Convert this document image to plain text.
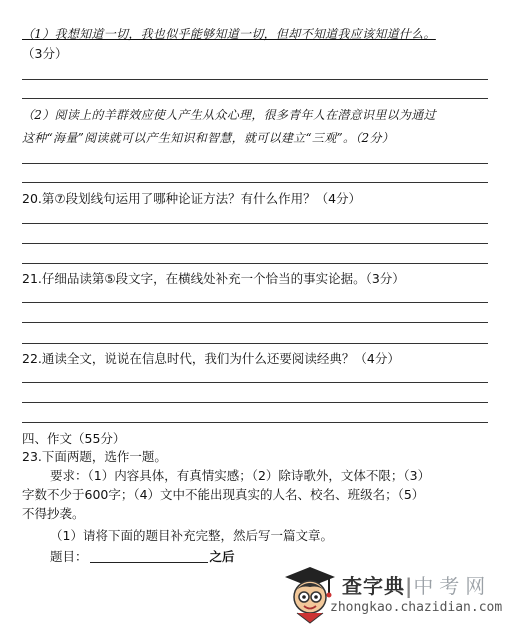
（1）我想知道一切，我也似乎能够知道一切，但却不知道我应该知道什么。
（3分）
（2）阅读上的羊群效应使人产生从众心理，很多青年人在潜意识里以为通过
这种“海量”阅读就可以产生知识和智慧，就可以建立“三观”。（2分）
20.第⑦段划线句运用了哪种论证方法？有什么作用？（4分）
21.仔细品读第⑤段文字，在横线处补充一个恰当的事实论据。（3分）
22.通读全文，说说在信息时代，我们为什么还要阅读经典？（4分）
四、作文（55分）
23.下面两题，选作一题。
要求：（1）内容具体，有真情实感；（2）除诗歌外，文体不限；（3）
字数不少于600字；（4）文中不能出现真实的人名、校名、班级名；（5）
不得抄袭。
（1）请将下面的题目补充完整，然后写一篇文章。
题目：	之后
查字典|中考网
zhongkao.chazidian.com
